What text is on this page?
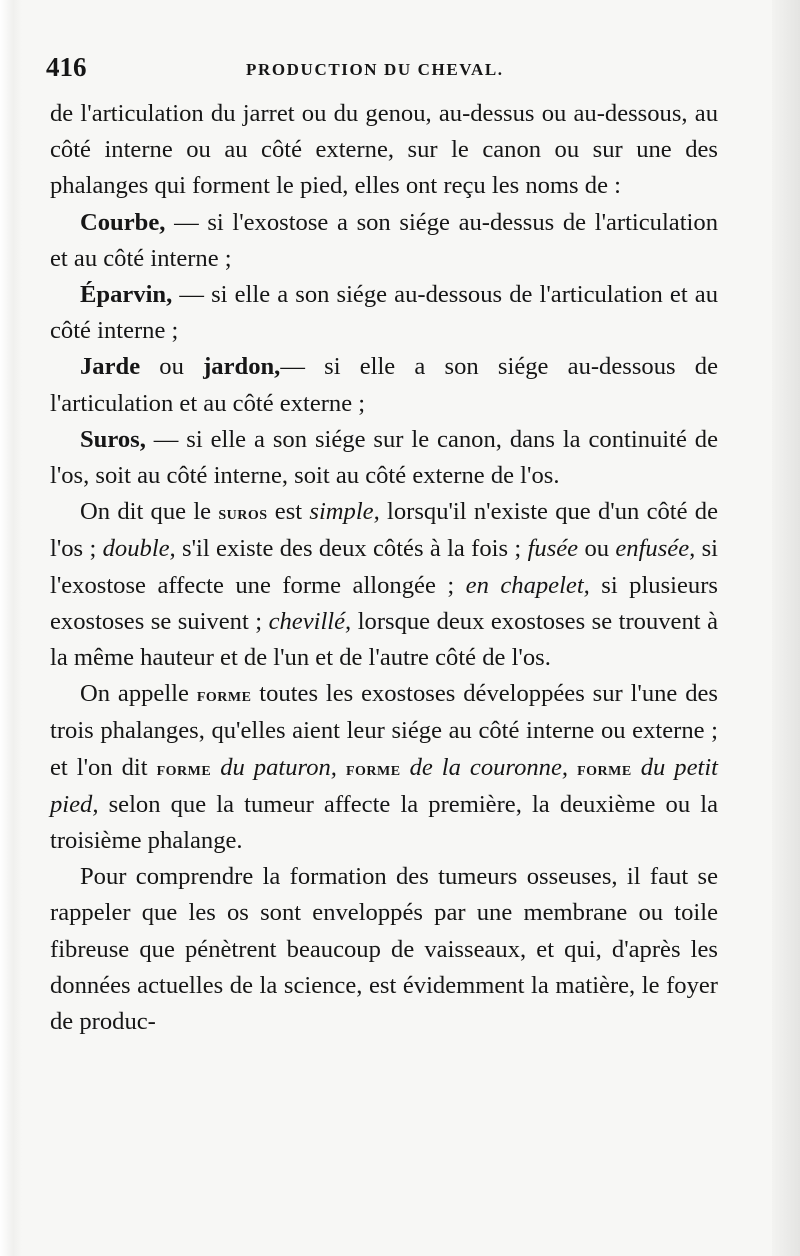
416	PRODUCTION DU CHEVAL.

de l'articulation du jarret ou du genou, au-dessus ou au-dessous, au côté interne ou au côté externe, sur le canon ou sur une des phalanges qui forment le pied, elles ont reçu les noms de :

Courbe, — si l'exostose a son siége au-dessus de l'articulation et au côté interne ;

Éparvin, — si elle a son siége au-dessous de l'articulation et au côté interne ;

Jarde ou jardon,— si elle a son siége au-dessous de l'articulation et au côté externe ;

Suros, — si elle a son siége sur le canon, dans la continuité de l'os, soit au côté interne, soit au côté externe de l'os.

On dit que le suros est simple, lorsqu'il n'existe que d'un côté de l'os ; double, s'il existe des deux côtés à la fois ; fusée ou enfusée, si l'exostose affecte une forme allongée ; en chapelet, si plusieurs exostoses se suivent ; chevillé, lorsque deux exostoses se trouvent à la même hauteur et de l'un et de l'autre côté de l'os.

On appelle forme toutes les exostoses développées sur l'une des trois phalanges, qu'elles aient leur siége au côté interne ou externe ; et l'on dit forme du paturon, forme de la couronne, forme du petit pied, selon que la tumeur affecte la première, la deuxième ou la troisième phalange.

Pour comprendre la formation des tumeurs osseuses, il faut se rappeler que les os sont enveloppés par une membrane ou toile fibreuse que pénètrent beaucoup de vaisseaux, et qui, d'après les données actuelles de la science, est évidemment la matière, le foyer de produc-
